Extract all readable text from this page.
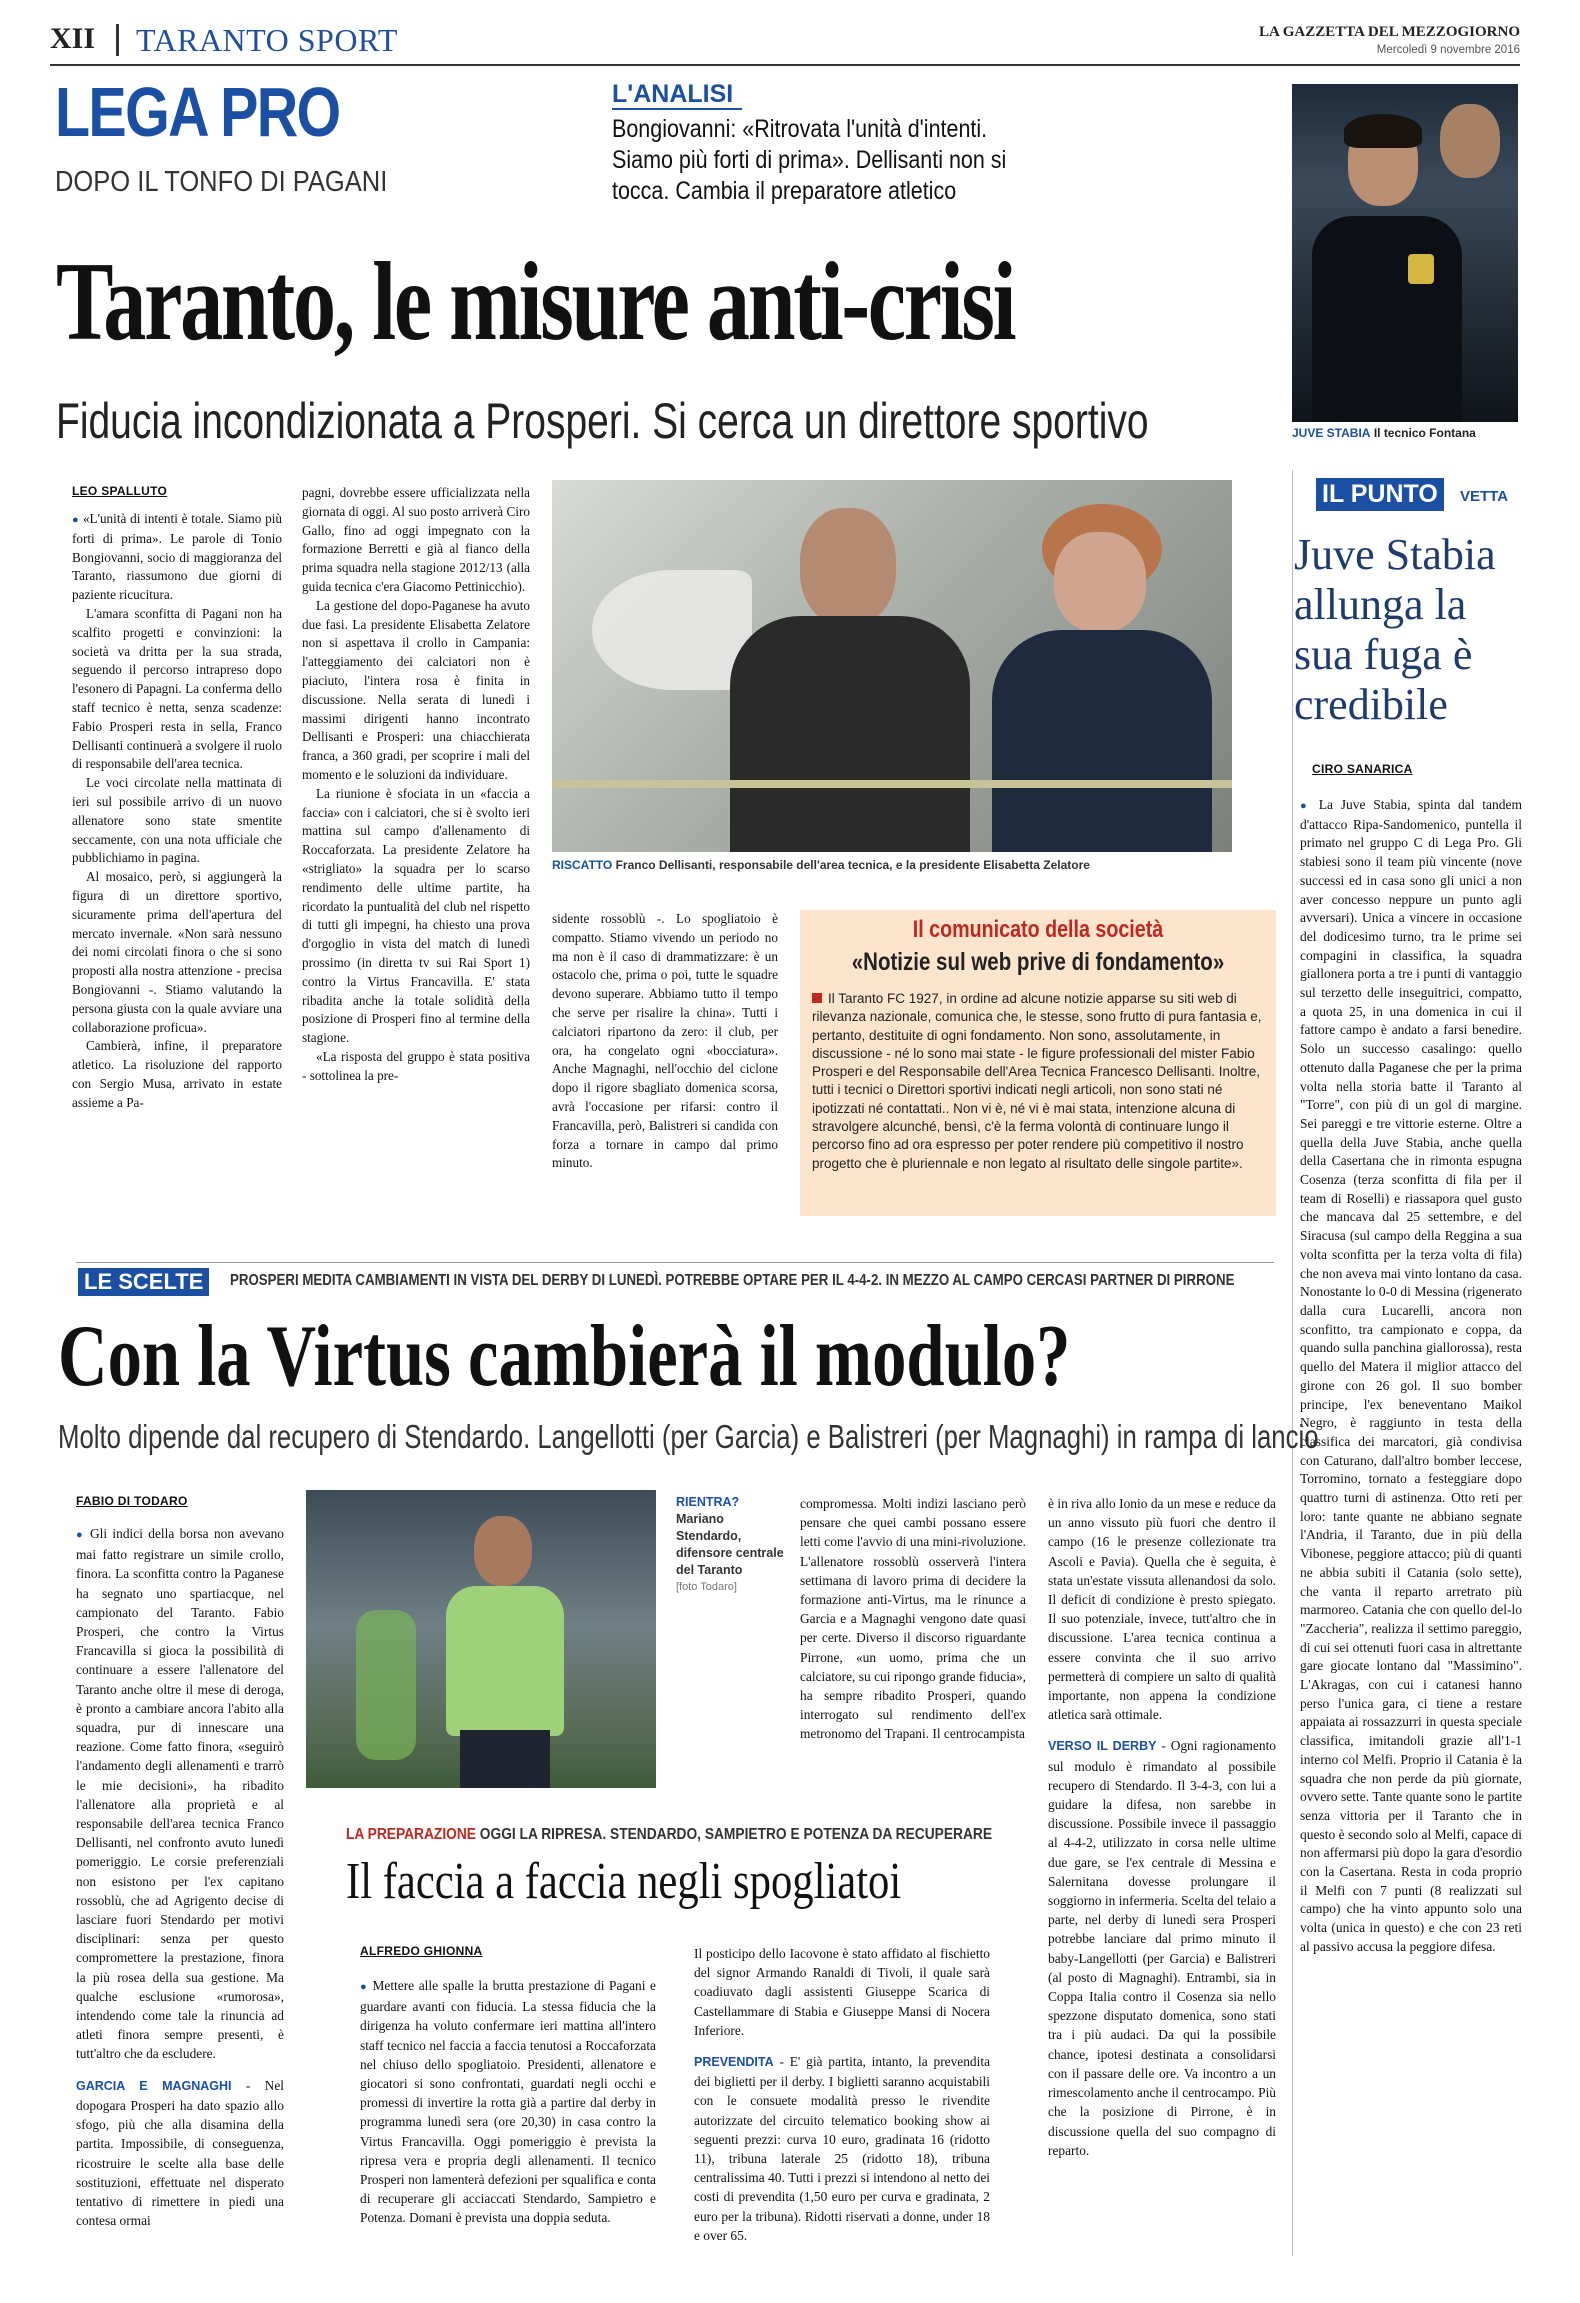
XII TARANTO SPORT	LA GAZZETTA DEL MEZZOGIORNO
Mercoledì 9 novembre 2016
LEGA PRO
DOPO IL TONFO DI PAGANI
L'ANALISI
Bongiovanni: «Ritrovata l'unità d'intenti. Siamo più forti di prima». Dellisanti non si tocca. Cambia il preparatore atletico
Taranto, le misure anti-crisi
Fiducia incondizionata a Prosperi. Si cerca un direttore sportivo	JUVE STABIA Il tecnico Fontana
LEO SPALLUTO

● «L'unità di intenti è totale. Siamo più forti di prima». Le parole di Tonio Bongiovanni, socio di maggioranza del Taranto, riassumono due giorni di paziente ricucitura.

L'amara sconfitta di Pagani non ha scalfito progetti e convinzioni: la società va dritta per la sua strada, seguendo il percorso intrapreso dopo l'esonero di Papagni. La conferma dello staff tecnico è netta, senza scadenze: Fabio Prosperi resta in sella, Franco Dellisanti continuerà a svolgere il ruolo di responsabile dell'area tecnica.

Le voci circolate nella mattinata di ieri sul possibile arrivo di un nuovo allenatore sono state smentite seccamente, con una nota ufficiale che pubblichiamo in pagina.

Al mosaico, però, si aggiungerà la figura di un direttore sportivo, sicuramente prima dell'apertura del mercato invernale. «Non sarà nessuno dei nomi circolati finora o che si sono proposti alla nostra attenzione - precisa Bongiovanni -. Stiamo valutando la persona giusta con la quale avviare una collaborazione proficua».

Cambierà, infine, il preparatore atletico. La risoluzione del rapporto con Sergio Musa, arrivato in estate assieme a Pa-

pagni, dovrebbe essere ufficializzata nella giornata di oggi. Al suo posto arriverà Ciro Gallo, fino ad oggi impegnato con la formazione Berretti e già al fianco della prima squadra nella stagione 2012/13 (alla guida tecnica c'era Giacomo Pettinicchio).

La gestione del dopo-Paganese ha avuto due fasi. La presidente Elisabetta Zelatore non si aspettava il crollo in Campania: l'atteggiamento dei calciatori non è piaciuto, l'intera rosa è finita in discussione. Nella serata di lunedì i massimi dirigenti hanno incontrato Dellisanti e Prosperi: una chiacchierata franca, a 360 gradi, per scoprire i mali del momento e le soluzioni da individuare.

La riunione è sfociata in un «faccia a faccia» con i calciatori, che si è svolto ieri mattina sul campo d'allenamento di Roccaforzata. La presidente Zelatore ha «strigliato» la squadra per lo scarso rendimento delle ultime partite, ha ricordato la puntualità del club nel rispetto di tutti gli impegni, ha chiesto una prova d'orgoglio in vista del match di lunedì prossimo (in diretta tv sui Rai Sport 1) contro la Virtus Francavilla. E' stata ribadita anche la totale solidità della posizione di Prosperi fino al termine della stagione.

«La risposta del gruppo è stata positiva - sottolinea la pre-

sidente rossoblù -. Lo spogliatoio è compatto. Stiamo vivendo un periodo no ma non è il caso di drammatizzare: è un ostacolo che, prima o poi, tutte le squadre devono superare. Abbiamo tutto il tempo che serve per risalire la china». Tutti i calciatori ripartono da zero: il club, per ora, ha congelato ogni «bocciatura». Anche Magnaghi, nell'occhio del ciclone dopo il rigore sbagliato domenica scorsa, avrà l'occasione per rifarsi: contro il Francavilla, però, Balistreri si candida con forza a tornare in campo dal primo minuto.

RISCATTO Franco Dellisanti, responsabile dell'area tecnica, e la presidente Elisabetta Zelatore
Il comunicato della società
«Notizie sul web prive di fondamento»
Il Taranto FC 1927, in ordine ad alcune notizie apparse su siti web di rilevanza nazionale, comunica che, le stesse, sono frutto di pura fantasia e, pertanto, destituite di ogni fondamento. Non sono, assolutamente, in discussione - né lo sono mai state - le figure professionali del mister Fabio Prosperi e del Responsabile dell'Area Tecnica Francesco Dellisanti. Inoltre, tutti i tecnici o Direttori sportivi indicati negli articoli, non sono stati né ipotizzati né contattati.. Non vi è, né vi è mai stata, intenzione alcuna di stravolgere alcunché, bensì, c'è la ferma volontà di continuare lungo il percorso fino ad ora espresso per poter rendere più competitivo il nostro progetto che è pluriennale e non legato al risultato delle singole partite».
IL PUNTO	VETTA
Juve Stabia allunga la sua fuga è credibile
CIRO SANARICA

● La Juve Stabia, spinta dal tandem d'attacco Ripa-Sandomenico, puntella il primato nel gruppo C di Lega Pro. Gli stabiesi sono il team più vincente (nove successi ed in casa sono gli unici a non aver concesso neppure un punto agli avversari). Unica a vincere in occasione del dodicesimo turno, tra le prime sei compagini in classifica, la squadra giallonera porta a tre i punti di vantaggio sul terzetto delle inseguitrici, compatto, a quota 25, in una domenica in cui il fattore campo è andato a farsi benedire. Solo un successo casalingo: quello ottenuto dalla Paganese che per la prima volta nella storia batte il Taranto al "Torre", con più di un gol di margine. Sei pareggi e tre vittorie esterne. Oltre a quella della Juve Stabia, anche quella della Casertana che in rimonta espugna Cosenza (terza sconfitta di fila per il team di Roselli) e riassapora quel gusto che mancava dal 25 settembre, e del Siracusa (sul campo della Reggina a sua volta sconfitta per la terza volta di fila) che non aveva mai vinto lontano da casa. Nonostante lo 0-0 di Messina (rigenerato dalla cura Lucarelli, ancora non sconfitto, tra campionato e coppa, da quando sulla panchina giallorossa), resta quello del Matera il miglior attacco del girone con 26 gol. Il suo bomber principe, l'ex beneventano Maikol Negro, è raggiunto in testa della classifica dei marcatori, già condivisa con Caturano, dall'altro bomber leccese, Torromino, tornato a festeggiare dopo quattro turni di astinenza. Otto reti per loro: tante quante ne abbiano segnate l'Andria, il Taranto, due in più della Vibonese, peggiore attacco; più di quanti ne abbia subiti il Catania (solo sette), che vanta il reparto arretrato più marmoreo. Catania che con quello del-lo "Zaccheria", realizza il settimo pareggio, di cui sei ottenuti fuori casa in altrettante gare giocate lontano dal "Massimino". L'Akragas, con cui i catanesi hanno perso l'unica gara, ci tiene a restare appaiata ai rossazzurri in questa speciale classifica, imitandoli grazie all'1-1 interno col Melfi. Proprio il Catania è la squadra che non perde da più giornate, ovvero sette. Tante quante sono le partite senza vittoria per il Taranto che in questo è secondo solo al Melfi, capace di non affermarsi più dopo la gara d'esordio con la Casertana. Resta in coda proprio il Melfi con 7 punti (8 realizzati sul campo) che ha vinto appunto solo una volta (unica in questo) e che con 23 reti al passivo accusa la peggiore difesa.

LE SCELTE	PROSPERI MEDITA CAMBIAMENTI IN VISTA DEL DERBY DI LUNEDÌ. POTREBBE OPTARE PER IL 4-4-2. IN MEZZO AL CAMPO CERCASI PARTNER DI PIRRONE
Con la Virtus cambierà il modulo?
Molto dipende dal recupero di Stendardo. Langellotti (per Garcia) e Balistreri (per Magnaghi) in rampa di lancio
FABIO DI TODARO

● Gli indici della borsa non avevano mai fatto registrare un simile crollo, finora. La sconfitta contro la Paganese ha segnato uno spartiacque, nel campionato del Taranto. Fabio Prosperi, che contro la Virtus Francavilla si gioca la possibilità di continuare a essere l'allenatore del Taranto anche oltre il mese di deroga, è pronto a cambiare ancora l'abito alla squadra, pur di innescare una reazione. Come fatto finora, «seguirò l'andamento degli allenamenti e trarrò le mie decisioni», ha ribadito l'allenatore alla proprietà e al responsabile dell'area tecnica Franco Dellisanti, nel confronto avuto lunedì pomeriggio. Le corsie preferenziali non esistono per l'ex capitano rossoblù, che ad Agrigento decise di lasciare fuori Stendardo per motivi disciplinari: senza per questo compromettere la prestazione, finora la più rosea della sua gestione. Ma qualche esclusione «rumorosa», intendendo come tale la rinuncia ad atleti finora sempre presenti, è tutt'altro che da escludere.

GARCIA E MAGNAGHI - Nel dopogara Prosperi ha dato spazio allo sfogo, più che alla disamina della partita. Impossibile, di conseguenza, ricostruire le scelte alla base delle sostituzioni, effettuate nel disperato tentativo di rimettere in piedi una contesa ormai

RIENTRA?
Mariano Stendardo, difensore centrale del Taranto
[foto Todaro]

compromessa. Molti indizi lasciano però pensare che quei cambi possano essere letti come l'avvio di una mini-rivoluzione. L'allenatore rossoblù osserverà l'intera settimana di lavoro prima di decidere la formazione anti-Virtus, ma le rinunce a Garcia e a Magnaghi vengono date quasi per certe. Diverso il discorso riguardante Pirrone, «un uomo, prima che un calciatore, su cui ripongo grande fiducia», ha sempre ribadito Prosperi, quando interrogato sul rendimento dell'ex metronomo del Trapani. Il centrocampista

è in riva allo Ionio da un mese e reduce da un anno vissuto più fuori che dentro il campo (16 le presenze collezionate tra Ascoli e Pavia). Quella che è seguita, è stata un'estate vissuta allenandosi da solo. Il deficit di condizione è presto spiegato. Il suo potenziale, invece, tutt'altro che in discussione. L'area tecnica continua a essere convinta che il suo arrivo permetterà di compiere un salto di qualità importante, non appena la condizione atletica sarà ottimale.

VERSO IL DERBY - Ogni ragionamento sul modulo è rimandato al possibile recupero di Stendardo. Il 3-4-3, con lui a guidare la difesa, non sarebbe in discussione. Possibile invece il passaggio al 4-4-2, utilizzato in corsa nelle ultime due gare, se l'ex centrale di Messina e Salernitana dovesse prolungare il soggiorno in infermeria. Scelta del telaio a parte, nel derby di lunedì sera Prosperi potrebbe lanciare dal primo minuto il baby-Langellotti (per Garcia) e Balistreri (al posto di Magnaghi). Entrambi, sia in Coppa Italia contro il Cosenza sia nello spezzone disputato domenica, sono stati tra i più audaci. Da qui la possibile chance, ipotesi destinata a consolidarsi con il passare delle ore. Va incontro a un rimescolamento anche il centrocampo. Più che la posizione di Pirrone, è in discussione quella del suo compagno di reparto.

LA PREPARAZIONE OGGI LA RIPRESA. STENDARDO, SAMPIETRO E POTENZA DA RECUPERARE
Il faccia a faccia negli spogliatoi
ALFREDO GHIONNA

● Mettere alle spalle la brutta prestazione di Pagani e guardare avanti con fiducia. La stessa fiducia che la dirigenza ha voluto confermare ieri mattina all'intero staff tecnico nel faccia a faccia tenutosi a Roccaforzata nel chiuso dello spogliatoio. Presidenti, allenatore e giocatori si sono confrontati, guardati negli occhi e promessi di invertire la rotta già a partire dal derby in programma lunedì sera (ore 20,30) in casa contro la Virtus Francavilla. Oggi pomeriggio è prevista la ripresa vera e propria degli allenamenti. Il tecnico Prosperi non lamenterà defezioni per squalifica e conta di recuperare gli acciaccati Stendardo, Sampietro e Potenza. Domani è prevista una doppia seduta.

Il posticipo dello Iacovone è stato affidato al fischietto del signor Armando Ranaldi di Tivoli, il quale sarà coadiuvato dagli assistenti Giuseppe Scarica di Castellammare di Stabia e Giuseppe Mansi di Nocera Inferiore.

PREVENDITA - E' già partita, intanto, la prevendita dei biglietti per il derby. I biglietti saranno acquistabili con le consuete modalità presso le rivendite autorizzate del circuito telematico booking show ai seguenti prezzi: curva 10 euro, gradinata 16 (ridotto 11), tribuna laterale 25 (ridotto 18), tribuna centralissima 40. Tutti i prezzi si intendono al netto dei costi di prevendita (1,50 euro per curva e gradinata, 2 euro per la tribuna). Ridotti riservati a donne, under 18 e over 65.
